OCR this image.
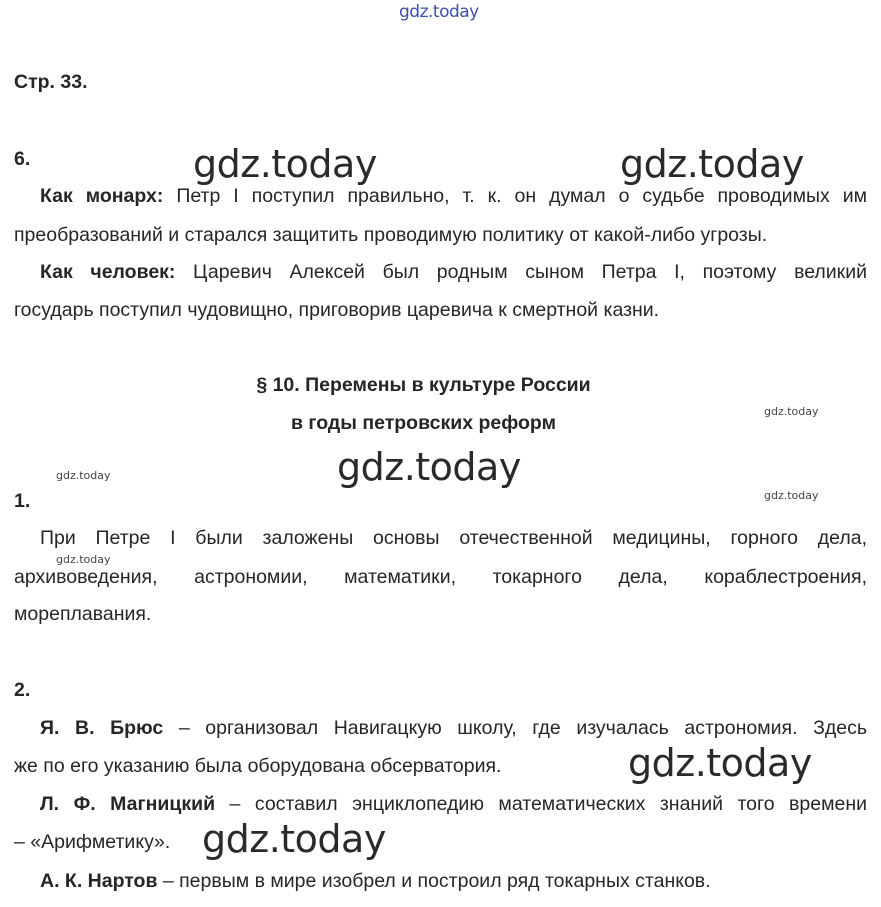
gdz.today
gdz.today	gdz.today
gdz.today
gdz.today
gdz.today
gdz.today
gdz.today
gdz.today
gdz.today
Стр. 33.
6.
Как монарх: Петр I поступил правильно, т. к. он думал о судьбе проводимых им
преобразований и старался защитить проводимую политику от какой-либо угрозы.
Как человек: Царевич Алексей был родным сыном Петра I, поэтому великий
государь поступил чудовищно, приговорив царевича к смертной казни.
§ 10. Перемены в культуре России
в годы петровских реформ
1.
При Петре I были заложены основы отечественной медицины, горного дела,
архивоведения, астрономии, математики, токарного дела, кораблестроения,
мореплавания.
2.
Я. В. Брюс – организовал Навигацкую школу, где изучалась астрономия. Здесь
же по его указанию была оборудована обсерватория.
Л. Ф. Магницкий – составил энциклопедию математических знаний того времени
– «Арифметику».
А. К. Нартов – первым в мире изобрел и построил ряд токарных станков.
